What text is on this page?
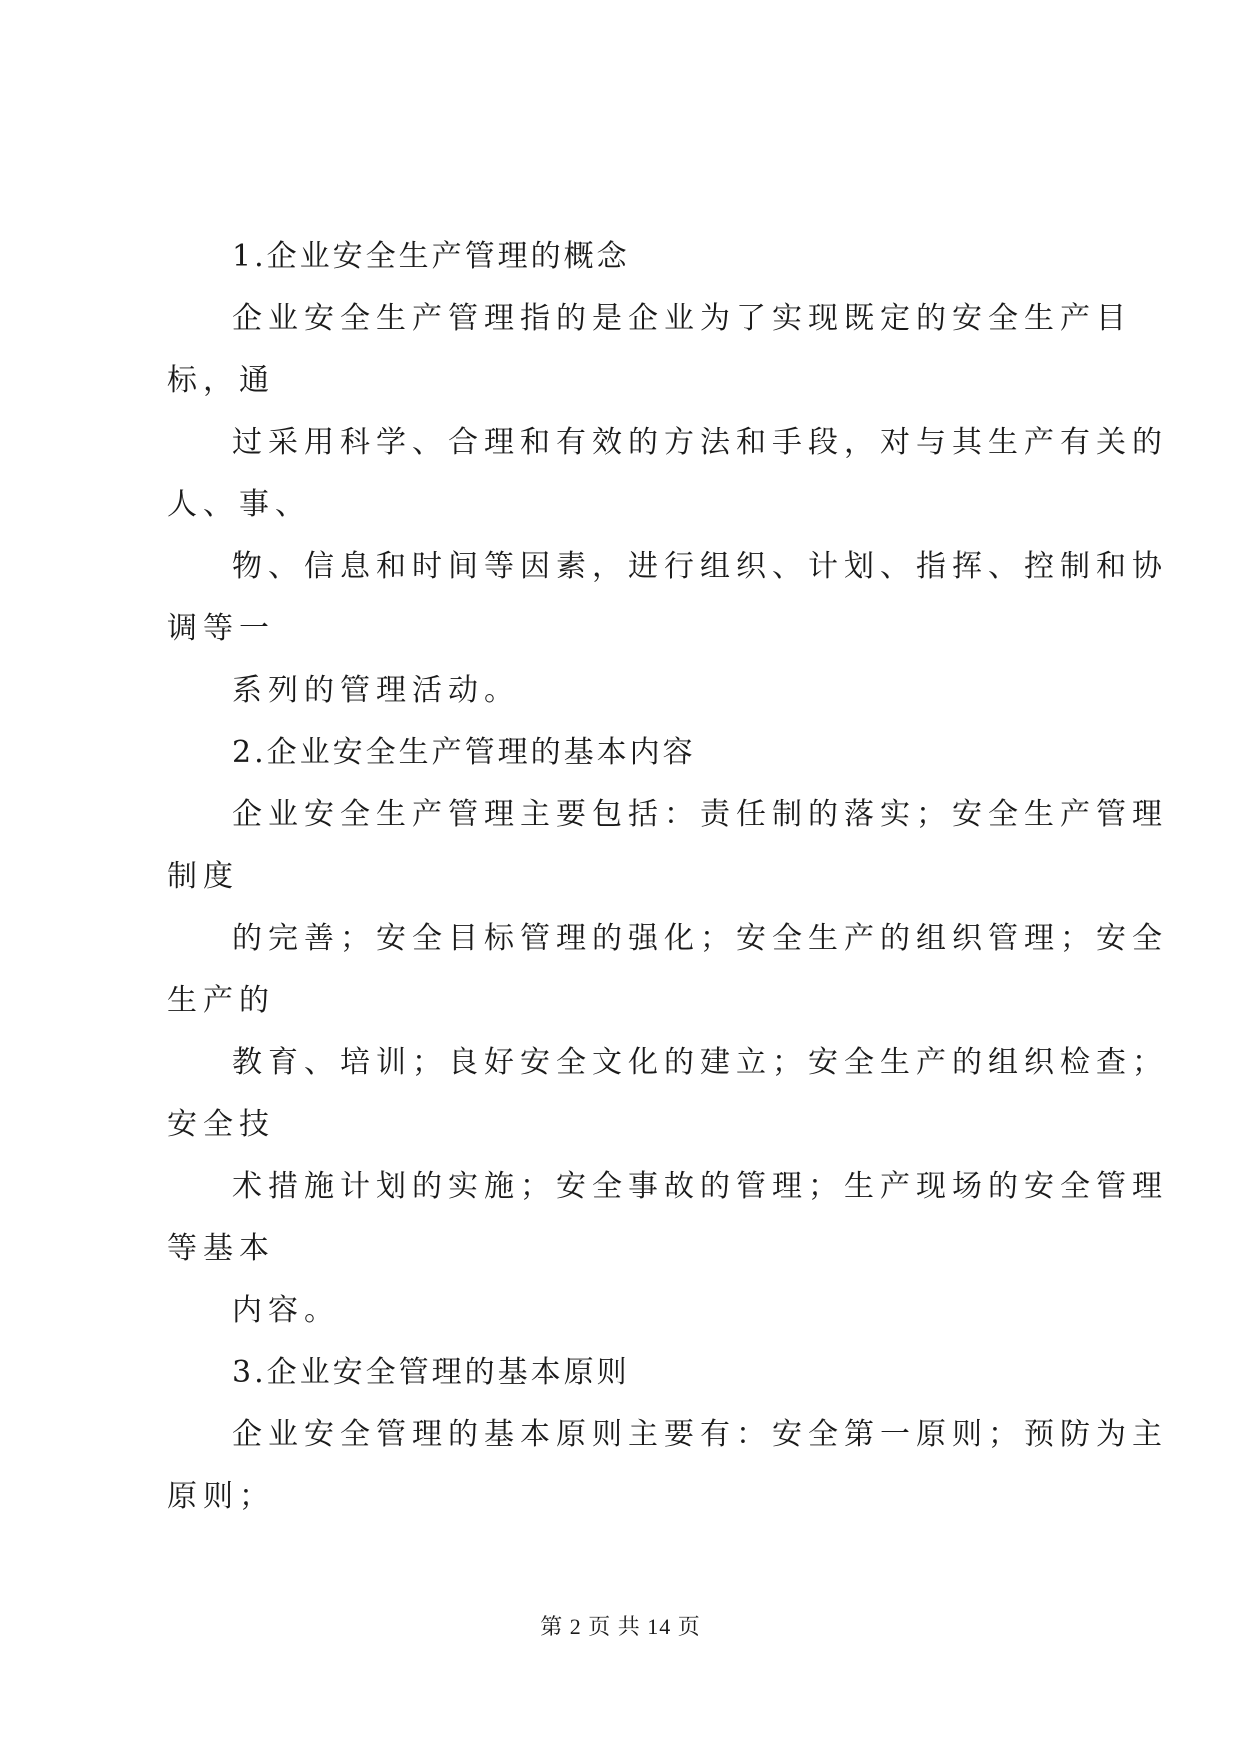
1.企业安全生产管理的概念
企业安全生产管理指的是企业为了实现既定的安全生产目
标，通
过采用科学、合理和有效的方法和手段，对与其生产有关的
人、事、
物、信息和时间等因素，进行组织、计划、指挥、控制和协
调等一
系列的管理活动。
2.企业安全生产管理的基本内容
企业安全生产管理主要包括：责任制的落实；安全生产管理
制度
的完善；安全目标管理的强化；安全生产的组织管理；安全
生产的
教育、培训；良好安全文化的建立；安全生产的组织检查；
安全技
术措施计划的实施；安全事故的管理；生产现场的安全管理
等基本
内容。
3.企业安全管理的基本原则
企业安全管理的基本原则主要有：安全第一原则；预防为主
原则；
第 2 页 共 14 页
